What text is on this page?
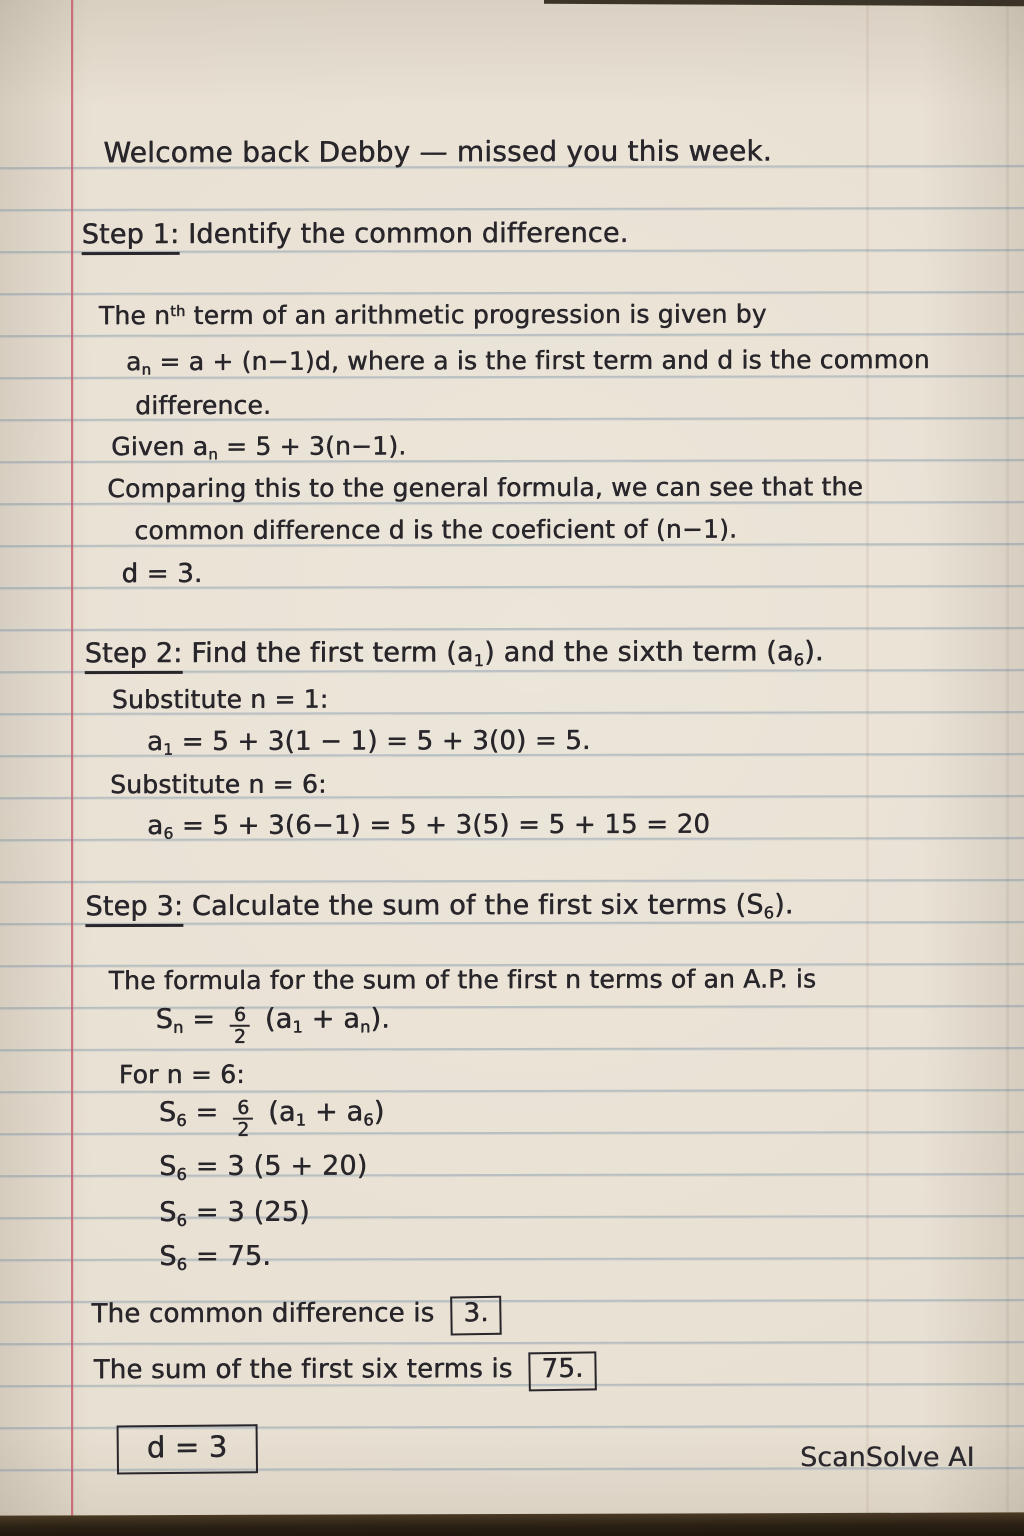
Welcome back Debby — missed you this week.
Step 1: Identify the common difference.
The $n^{th}$ term of an arithmetic progression is given by
$a_n = a + (n-1)d$, where a is the first term and d is the common
difference.
Given $a_n = 5 + 3(n-1)$.
Comparing this to the general formula, we can see that the
common difference d is the coeficient of (n−1).
d = 3.
Step 2: Find the first term $(a_1)$ and the sixth term $(a_6)$.
Substitute n = 1:
$a_1 = 5 + 3(1 - 1) = 5 + 3(0) = 5$.
Substitute n = 6:
$a_6 = 5 + 3(6-1) = 5 + 3(5) = 5 + 15 = 20$
Step 3: Calculate the sum of the first six terms $(S_6)$.
The formula for the sum of the first n terms of an A.P. is
$S_n = \frac{6}{2} (a_1 + a_n)$.
For n = 6:
$S_6 = \frac{6}{2} (a_1 + a_6)$
$S_6 = 3$ (5 + 20)
$S_6 = 3$ (25)
$S_6 = 75$.
The common difference is 3.
The sum of the first six terms is 75.
d = 3	ScanSolve AI
